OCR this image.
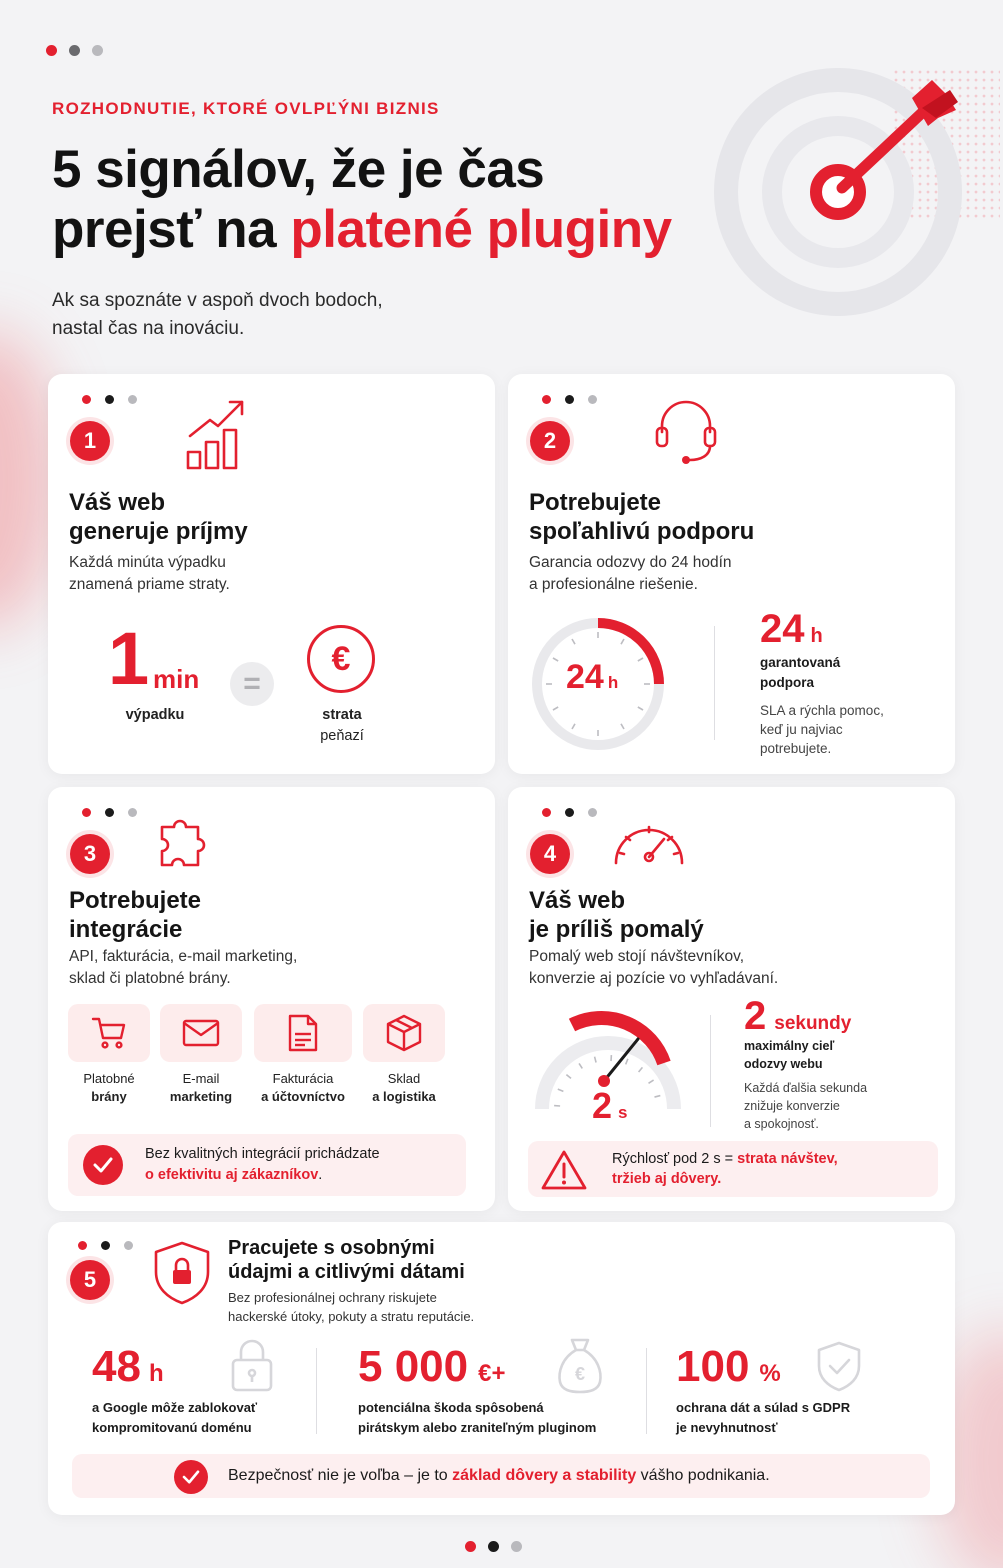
ROZHODNUTIE, KTORÉ OVLPĽÝNI BIZNIS
5 signálov, že je čas
prejsť na platené pluginy
Ak sa spoznáte v aspoň dvoch bodoch,
nastal čas na inováciu.
1
Váš web
generuje príjmy
Každá minúta výpadku
znamená priame straty.
1 min
výpadku
=
€
strata
peňazí
2
Potrebujete
spoľahlivú podporu
Garancia odozvy do 24 hodín
a profesionálne riešenie.
24 h
24 h
garantovaná
podpora
SLA a rýchla pomoc,
keď ju najviac
potrebujete.
3
Potrebujete
integrácie
API, fakturácia, e-mail marketing,
sklad či platobné brány.
Platobné
brány
E-mail
marketing
Fakturácia
a účtovníctvo
Sklad
a logistika
Bez kvalitných integrácií prichádzate
o efektivitu aj zákazníkov.
4
Váš web
je príliš pomalý
Pomalý web stojí návštevníkov,
konverzie aj pozície vo vyhľadávaní.
2 s
2 sekundy
maximálny cieľ
odozvy webu
Každá ďalšia sekunda
znižuje konverzie
a spokojnosť.
Rýchlosť pod 2 s = strata návštev,
tržieb aj dôvery.
5
Pracujete s osobnými
údajmi a citlivými dátami
Bez profesionálnej ochrany riskujete
hackerské útoky, pokuty a stratu reputácie.
48 h
a Google môže zablokovať
kompromitovanú doménu
5 000 €+	€
potenciálna škoda spôsobená
pirátskym alebo zraniteľným pluginom
100 %
ochrana dát a súlad s GDPR
je nevyhnutnosť
Bezpečnosť nie je voľba – je to základ dôvery a stability vášho podnikania.
